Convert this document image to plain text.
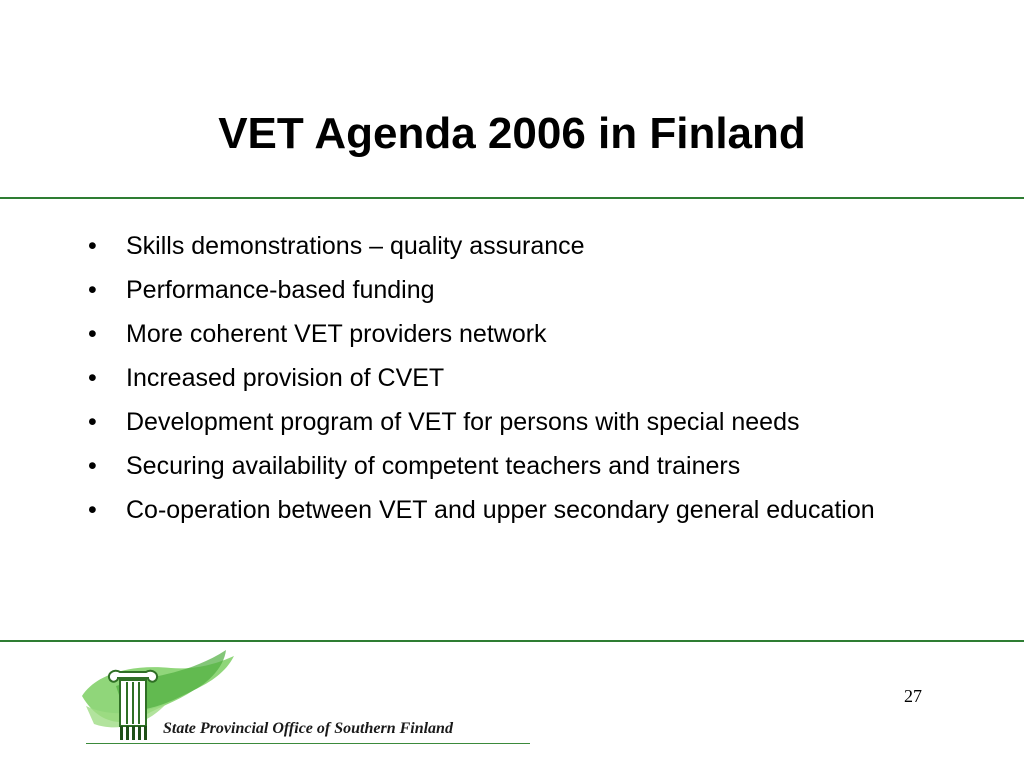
VET Agenda 2006 in Finland
• Skills demonstrations – quality assurance
• Performance-based funding
• More coherent VET providers network
• Increased provision of CVET
• Development program of VET for persons with special needs
• Securing availability of competent teachers and trainers
• Co-operation between VET and upper secondary general education
State Provincial Office of Southern Finland
27
